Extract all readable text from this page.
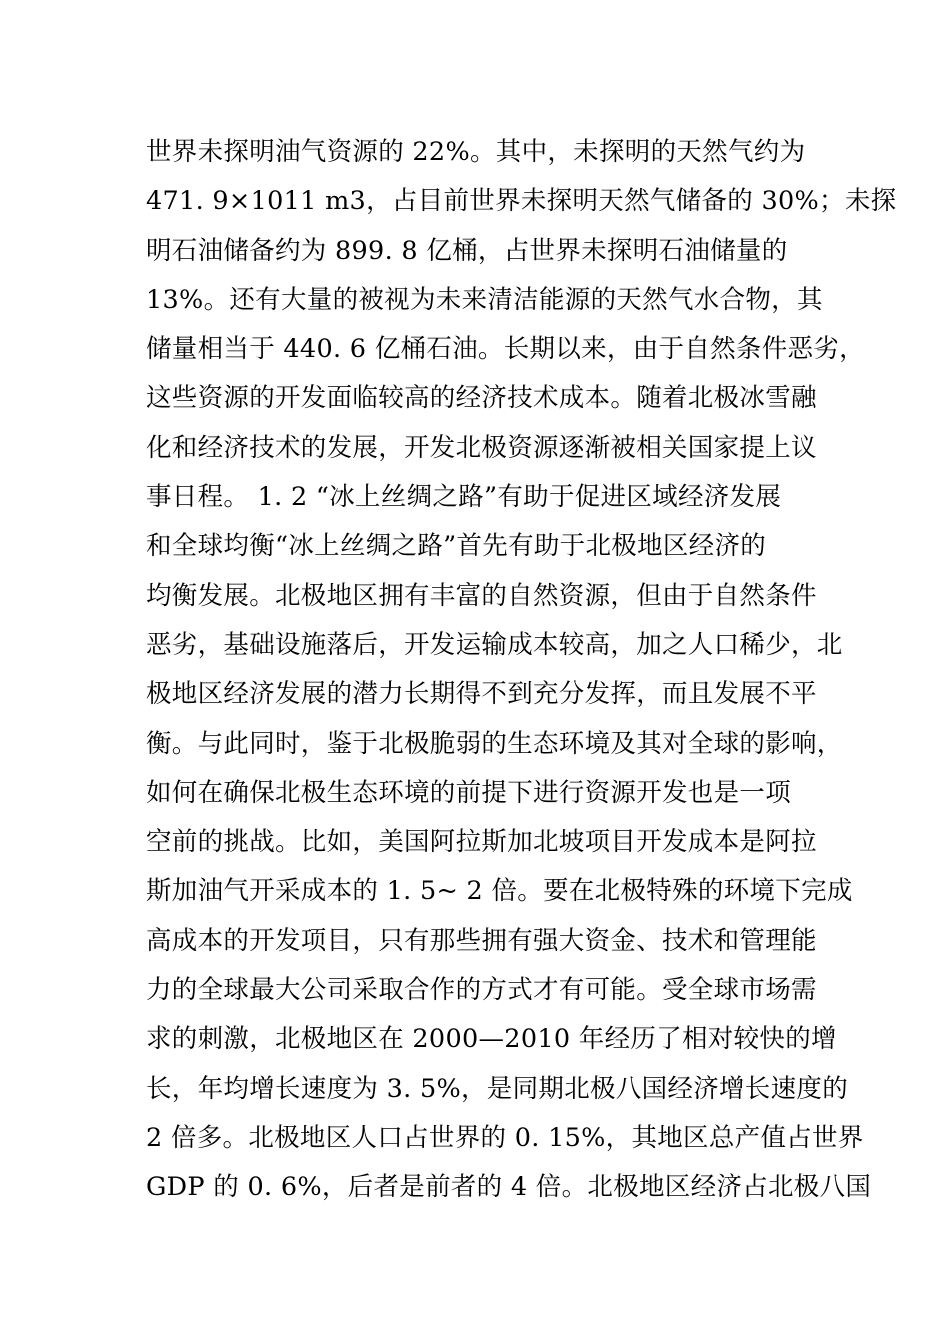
世界未探明油气资源的 22%。其中，未探明的天然气约为
471. 9×1011 m3，占目前世界未探明天然气储备的 30%；未探
明石油储备约为 899. 8 亿桶，占世界未探明石油储量的
13%。还有大量的被视为未来清洁能源的天然气水合物，其
储量相当于 440. 6 亿桶石油。长期以来，由于自然条件恶劣，
这些资源的开发面临较高的经济技术成本。随着北极冰雪融
化和经济技术的发展，开发北极资源逐渐被相关国家提上议
事日程。 1. 2 “冰上丝绸之路”有助于促进区域经济发展
和全球均衡“冰上丝绸之路”首先有助于北极地区经济的
均衡发展。北极地区拥有丰富的自然资源，但由于自然条件
恶劣，基础设施落后，开发运输成本较高，加之人口稀少，北
极地区经济发展的潜力长期得不到充分发挥，而且发展不平
衡。与此同时，鉴于北极脆弱的生态环境及其对全球的影响，
如何在确保北极生态环境的前提下进行资源开发也是一项
空前的挑战。比如，美国阿拉斯加北坡项目开发成本是阿拉
斯加油气开采成本的 1. 5~ 2 倍。要在北极特殊的环境下完成
高成本的开发项目，只有那些拥有强大资金、技术和管理能
力的全球最大公司采取合作的方式才有可能。受全球市场需
求的刺激，北极地区在 2000—2010 年经历了相对较快的增
长，年均增长速度为 3. 5%，是同期北极八国经济增长速度的
2 倍多。北极地区人口占世界的 0. 15%，其地区总产值占世界
GDP 的 0. 6%，后者是前者的 4 倍。北极地区经济占北极八国
